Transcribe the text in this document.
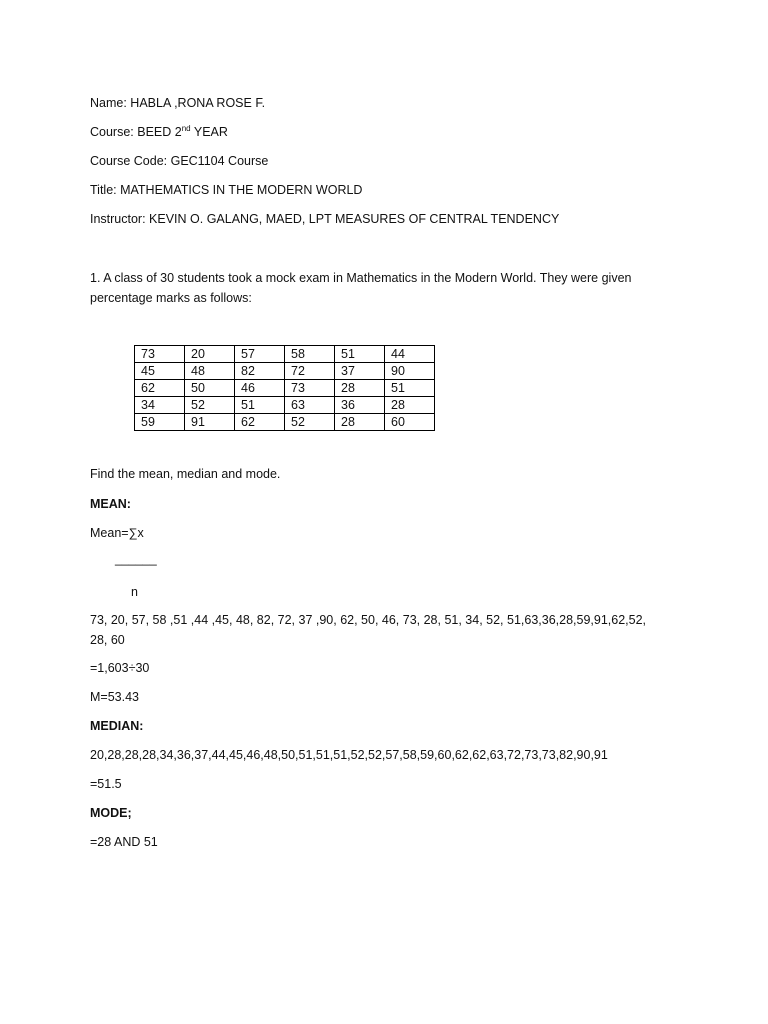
Name: HABLA ,RONA ROSE F.
Course: BEED 2nd YEAR
Course Code: GEC1104 Course
Title: MATHEMATICS IN THE MODERN WORLD
Instructor: KEVIN O. GALANG, MAED, LPT MEASURES OF CENTRAL TENDENCY
1. A class of 30 students took a mock exam in Mathematics in the Modern World. They were given percentage marks as follows:
73	20	57	58	51	44
45	48	82	72	37	90
62	50	46	73	28	51
34	52	51	63	36	28
59	91	62	52	28	60
Find the mean, median and mode.
MEAN:
Mean=∑x
______
n
73, 20, 57, 58 ,51 ,44 ,45, 48, 82, 72, 37 ,90, 62, 50, 46, 73, 28, 51, 34, 52, 51,63,36,28,59,91,62,52, 28, 60
=1,603÷30
M=53.43
MEDIAN:
20,28,28,28,34,36,37,44,45,46,48,50,51,51,51,52,52,57,58,59,60,62,62,63,72,73,73,82,90,91
=51.5
MODE;
=28 AND 51
